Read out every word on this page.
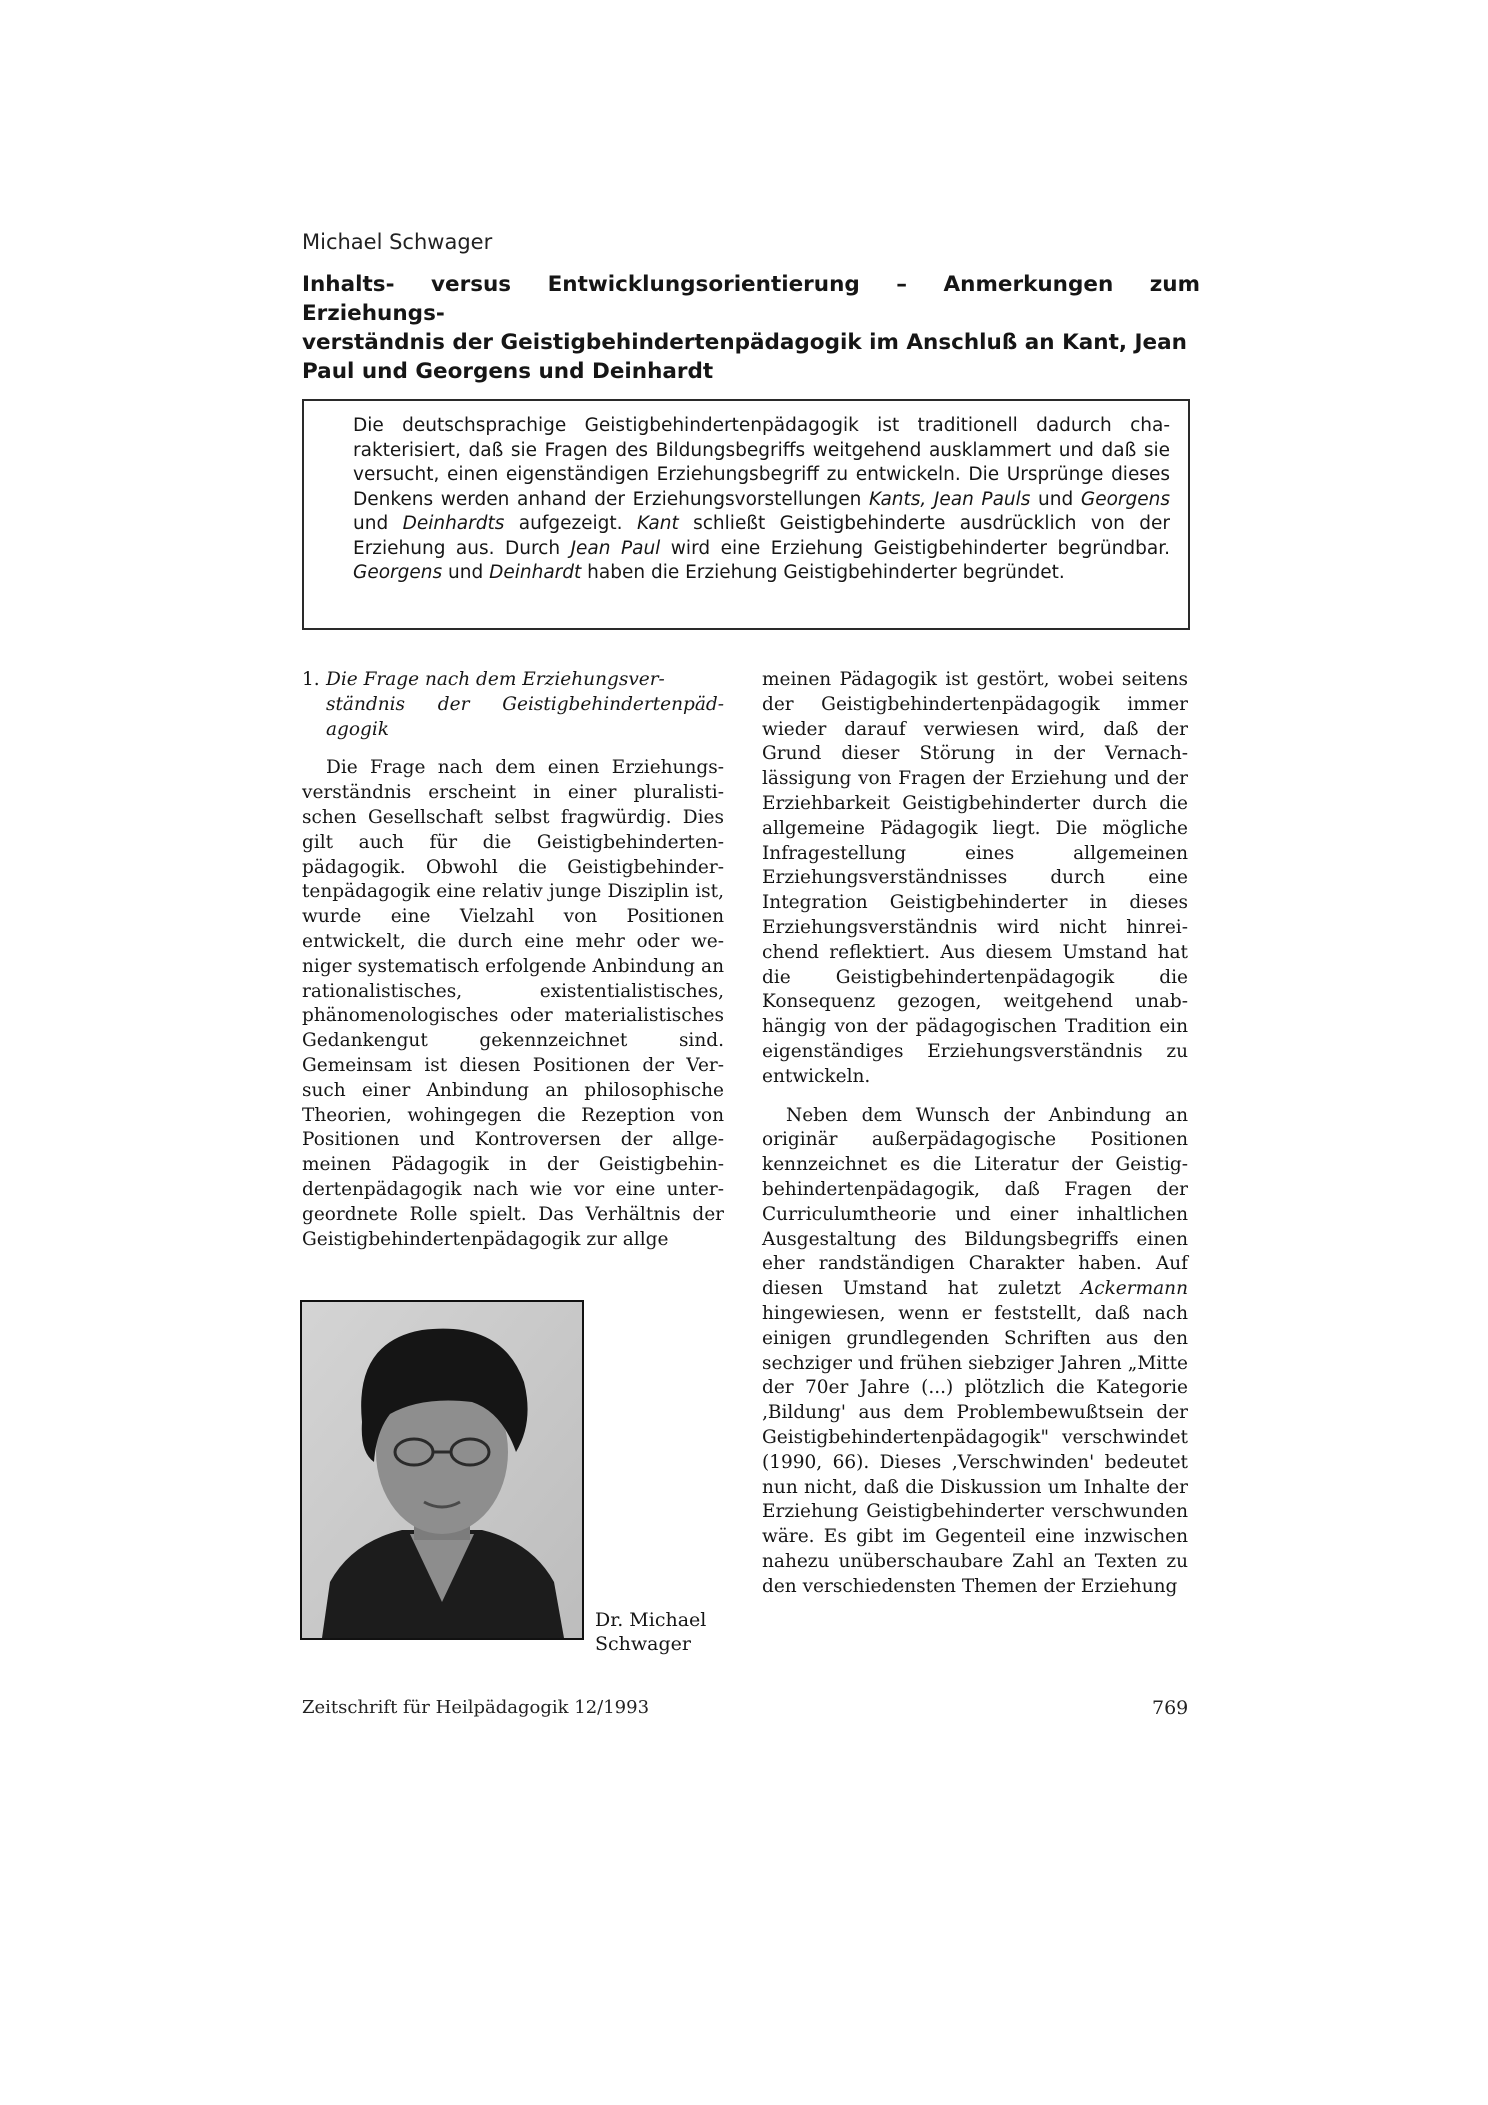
Michael Schwager
Inhalts- versus Entwicklungsorientierung – Anmerkungen zum Erziehungs-
verständnis der Geistigbehindertenpädagogik im Anschluß an Kant, Jean
Paul und Georgens und Deinhardt

Die deutschsprachige Geistigbehindertenpädagogik ist traditionell dadurch charakterisiert, daß sie Fragen des Bildungsbegriffs weitgehend ausklammert und daß sie versucht, einen eigenständigen Erziehungsbegriff zu entwickeln. Die Ursprünge dieses Denkens werden anhand der Erziehungsvorstellungen Kants, Jean Pauls und Georgens und Deinhardts aufgezeigt. Kant schließt Geistigbehinderte ausdrücklich von der Erziehung aus. Durch Jean Paul wird eine Erziehung Geistigbehinderter begründbar. Georgens und Deinhardt haben die Erziehung Geistigbehinderter begründet.

1. Die Frage nach dem Erziehungsver-
ständnis der Geistigbehindertenpädagogik

Die Frage nach dem einen Erziehungsverständnis erscheint in einer pluralistischen Gesellschaft selbst fragwürdig. Dies gilt auch für die Geistigbehindertenpädagogik. Obwohl die Geistigbehindertenpädagogik eine relativ junge Disziplin ist, wurde eine Vielzahl von Positionen entwickelt, die durch eine mehr oder weniger systematisch erfolgende Anbindung an rationalistisches, existentialistisches, phänomenologisches oder materialistisches Gedankengut gekennzeichnet sind. Gemeinsam ist diesen Positionen der Versuch einer Anbindung an philosophische Theorien, wohingegen die Rezeption von Positionen und Kontroversen der allgemeinen Pädagogik in der Geistigbehindertenpädagogik nach wie vor eine untergeordnete Rolle spielt. Das Verhältnis der Geistigbehindertenpädagogik zur allge

meinen Pädagogik ist gestört, wobei seitens der Geistigbehindertenpädagogik immer wieder darauf verwiesen wird, daß der Grund dieser Störung in der Vernachlässigung von Fragen der Erziehung und der Erziehbarkeit Geistigbehinderter durch die allgemeine Pädagogik liegt. Die mögliche Infragestellung eines allgemeinen Erziehungsverständnisses durch eine Integration Geistigbehinderter in dieses Erziehungsverständnis wird nicht hinreichend reflektiert. Aus diesem Umstand hat die Geistigbehindertenpädagogik die Konsequenz gezogen, weitgehend unabhängig von der pädagogischen Tradition ein eigenständiges Erziehungsverständnis zu entwickeln.

Neben dem Wunsch der Anbindung an originär außerpädagogische Positionen kennzeichnet es die Literatur der Geistigbehindertenpädagogik, daß Fragen der Curriculumtheorie und einer inhaltlichen Ausgestaltung des Bildungsbegriffs einen eher randständigen Charakter haben. Auf diesen Umstand hat zuletzt Ackermann hingewiesen, wenn er feststellt, daß nach einigen grundlegenden Schriften aus den sechziger und frühen siebziger Jahren „Mitte der 70er Jahre (...) plötzlich die Kategorie ‚Bildung' aus dem Problembewußtsein der Geistigbehindertenpädagogik" verschwindet (1990, 66). Dieses ‚Verschwinden' bedeutet nun nicht, daß die Diskussion um Inhalte der Erziehung Geistigbehinderter verschwunden wäre. Es gibt im Gegenteil eine inzwischen nahezu unüberschaubare Zahl an Texten zu den verschiedensten Themen der Erziehung

Dr. Michael
Schwager
Zeitschrift für Heilpädagogik 12/1993	769
